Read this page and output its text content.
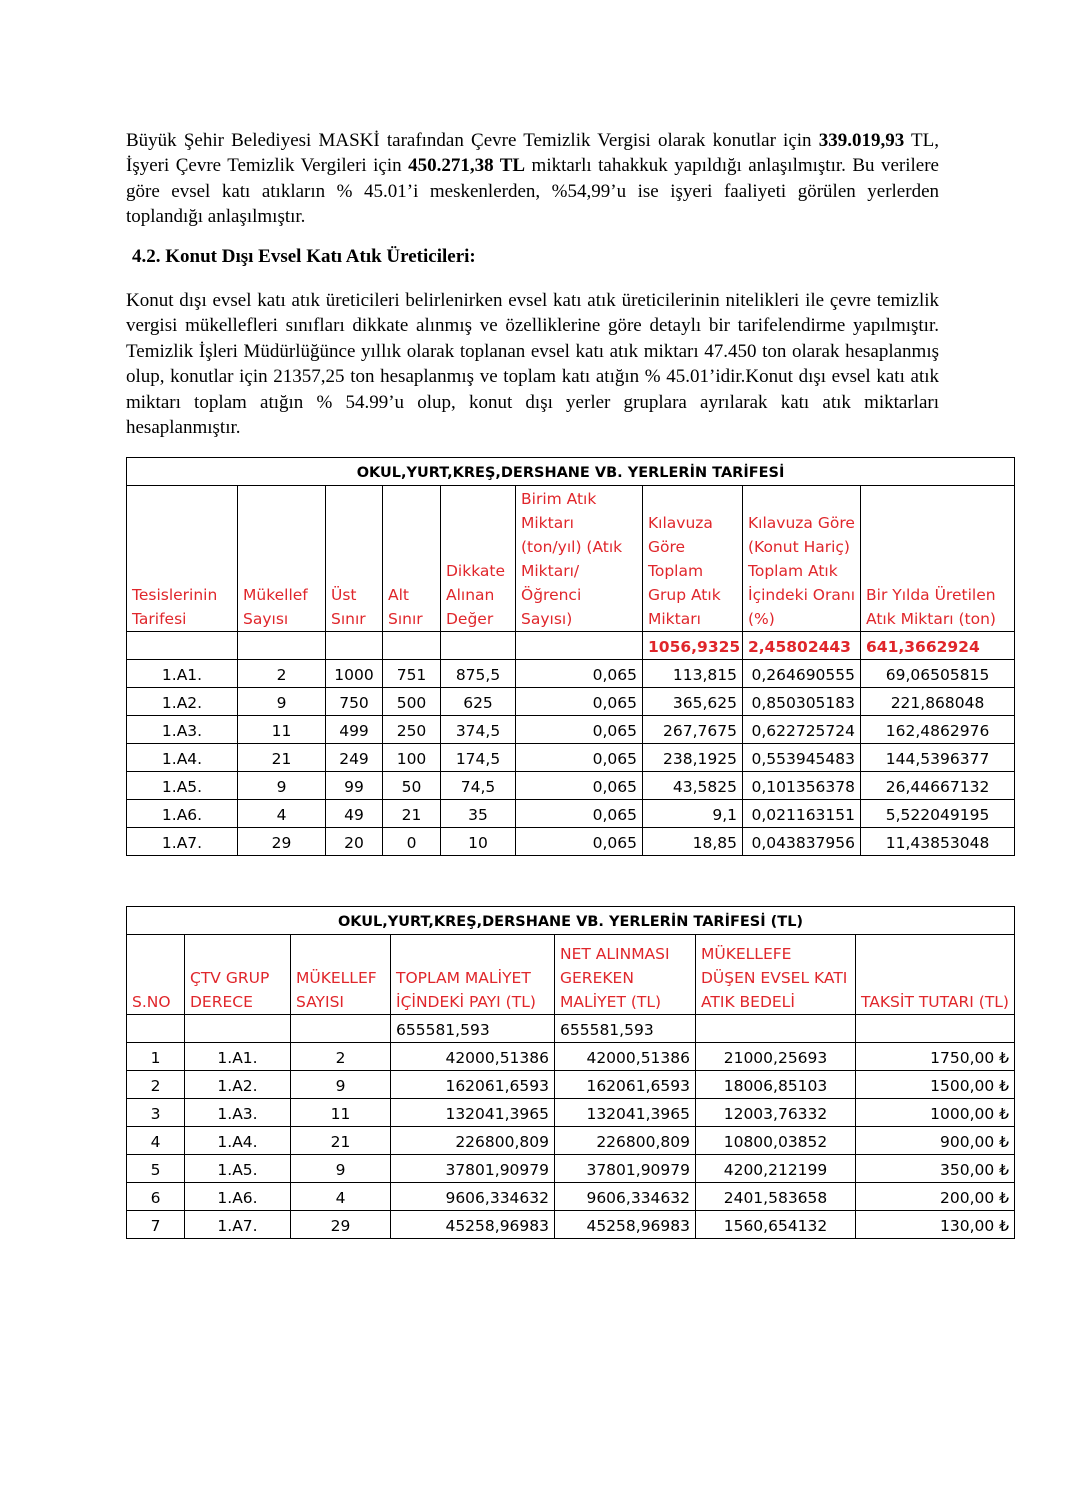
Büyük Şehir Belediyesi MASKİ tarafından Çevre Temizlik Vergisi olarak konutlar için 339.019,93 TL, İşyeri Çevre Temizlik Vergileri için 450.271,38 TL miktarlı tahakkuk yapıldığı anlaşılmıştır. Bu verilere göre evsel katı atıkların % 45.01’i meskenlerden, %54,99’u ise işyeri faaliyeti görülen yerlerden toplandığı anlaşılmıştır.
4.2. Konut Dışı Evsel Katı Atık Üreticileri:
Konut dışı evsel katı atık üreticileri belirlenirken evsel katı atık üreticilerinin nitelikleri ile çevre temizlik vergisi mükellefleri sınıfları dikkate alınmış ve özelliklerine göre detaylı bir tarifelendirme yapılmıştır. Temizlik İşleri Müdürlüğünce yıllık olarak toplanan evsel katı atık miktarı 47.450 ton olarak hesaplanmış olup, konutlar için 21357,25 ton hesaplanmış ve toplam katı atığın % 45.01’idir.Konut dışı evsel katı atık miktarı toplam atığın % 54.99’u olup, konut dışı yerler gruplara ayrılarak katı atık miktarları hesaplanmıştır.
OKUL,YURT,KREŞ,DERSHANE VB. YERLERİN TARİFESİ								
Tesislerinin Tarifesi	Mükellef Sayısı	Üst Sınır	Alt Sınır	Dikkate Alınan Değer	Birim Atık Miktarı (ton/yıl) (Atık Miktarı/ Öğrenci Sayısı)	Kılavuza Göre Toplam Grup Atık Miktarı	Kılavuza Göre (Konut Hariç) Toplam Atık İçindeki Oranı (%)	Bir Yılda Üretilen Atık Miktarı (ton)
						1056,9325	2,45802443	641,3662924
1.A1.	2	1000	751	875,5	0,065	113,815	0,264690555	69,06505815
1.A2.	9	750	500	625	0,065	365,625	0,850305183	221,868048
1.A3.	11	499	250	374,5	0,065	267,7675	0,622725724	162,4862976
1.A4.	21	249	100	174,5	0,065	238,1925	0,553945483	144,5396377
1.A5.	9	99	50	74,5	0,065	43,5825	0,101356378	26,44667132
1.A6.	4	49	21	35	0,065	9,1	0,021163151	5,522049195
1.A7.	29	20	0	10	0,065	18,85	0,043837956	11,43853048
OKUL,YURT,KREŞ,DERSHANE VB. YERLERİN TARİFESİ (TL)						
S.NO	ÇTV GRUP DERECE	MÜKELLEF SAYISI	TOPLAM MALİYET İÇİNDEKİ PAYI (TL)	NET ALINMASI GEREKEN MALİYET (TL)	MÜKELLEFE DÜŞEN EVSEL KATI ATIK BEDELİ	TAKSİT TUTARI (TL)
			655581,593	655581,593		
1	1.A1.	2	42000,51386	42000,51386	21000,25693	1750,00 ₺
2	1.A2.	9	162061,6593	162061,6593	18006,85103	1500,00 ₺
3	1.A3.	11	132041,3965	132041,3965	12003,76332	1000,00 ₺
4	1.A4.	21	226800,809	226800,809	10800,03852	900,00 ₺
5	1.A5.	9	37801,90979	37801,90979	4200,212199	350,00 ₺
6	1.A6.	4	9606,334632	9606,334632	2401,583658	200,00 ₺
7	1.A7.	29	45258,96983	45258,96983	1560,654132	130,00 ₺
